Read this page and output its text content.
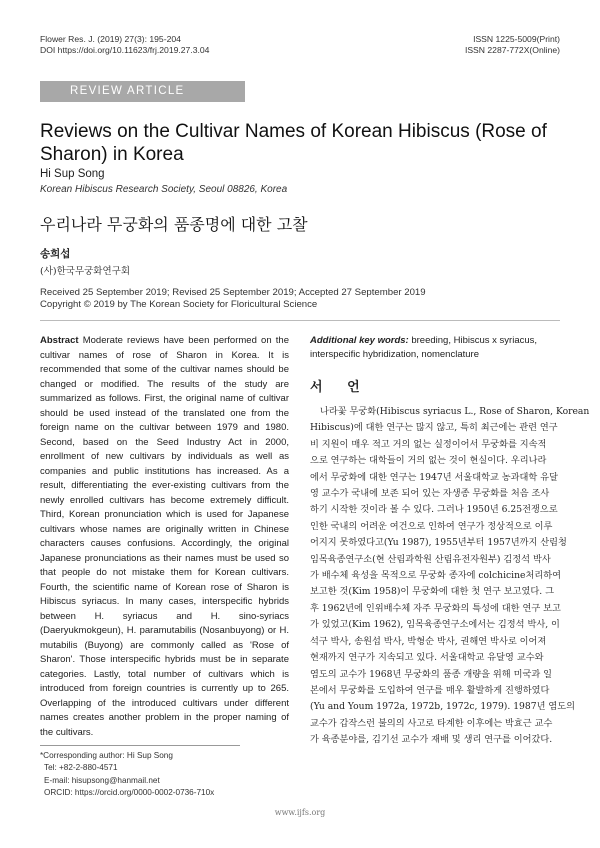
Flower Res. J. (2019) 27(3): 195-204
DOI https://doi.org/10.11623/frj.2019.27.3.04
ISSN 1225-5009(Print)
ISSN 2287-772X(Online)
REVIEW ARTICLE
Reviews on the Cultivar Names of Korean Hibiscus (Rose of Sharon) in Korea
Hi Sup Song
Korean Hibiscus Research Society, Seoul 08826, Korea
우리나라 무궁화의 품종명에 대한 고찰
송희섭
(사)한국무궁화연구회
Received 25 September 2019; Revised 25 September 2019; Accepted 27 September 2019
Copyright © 2019 by The Korean Society for Floricultural Science
Abstract Moderate reviews have been performed on the cultivar names of rose of Sharon in Korea. It is recommended that some of the cultivar names should be changed or modified. The results of the study are summarized as follows. First, the original name of cultivar should be used instead of the translated one from the foreign name on the cultivar between 1979 and 1980. Second, based on the Seed Industry Act in 2000, enrollment of new cultivars by individuals as well as companies and public institutions has increased. As a result, differentiating the ever-existing cultivars from the newly enrolled cultivars has become extremely difficult. Third, Korean pronunciation which is used for Japanese cultivars whose names are originally written in Chinese characters causes confusions. Accordingly, the original Japanese pronunciations as their names must be used so that people do not mistake them for Korean cultivars. Fourth, the scientific name of Korean rose of Sharon is Hibiscus syriacus. In many cases, interspecific hybrids between H. syriacus and H. sino-syriacs (Daeryukmokgeun), H. paramutabilis (Nosanbuyong) or H. mutabilis (Buyong) are commonly called as 'Rose of Sharon'. Those interspecific hybrids must be in separate categories. Lastly, total number of cultivars which is introduced from foreign countries is currently up to 265. Overlapping of the introduced cultivars under different names creates another problem in the proper naming of the cultivars.
*Corresponding author: Hi Sup Song
Tel: +82-2-880-4571
E-mail: hisupsong@hanmail.net
ORCID: https://orcid.org/0000-0002-0736-710x
Additional key words: breeding, Hibiscus x syriacus, interspecific hybridization, nomenclature
서 언
나라꽃 무궁화(Hibiscus syriacus L., Rose of Sharon, Korean
Hibiscus)에 대한 연구는 많지 않고, 특히 최근에는 관련 연구
비 지원이 매우 적고 거의 없는 실정이어서 무궁화를 지속적
으로 연구하는 대학들이 거의 없는 것이 현실이다. 우리나라
에서 무궁화에 대한 연구는 1947년 서울대학교 농과대학 유달
영 교수가 국내에 보존 되어 있는 자생종 무궁화를 처음 조사
하기 시작한 것이라 볼 수 있다. 그러나 1950년 6.25전쟁으로
인한 국내의 어려운 여건으로 인하여 연구가 정상적으로 이루
어지지 못하였다고(Yu 1987), 1955년부터 1957년까지 산림청
임목육종연구소(현 산림과학원 산림유전자원부) 김정석 박사
가 배수체 육성을 목적으로 무궁화 종자에 colchicine처리하여
보고한 것(Kim 1958)이 무궁화에 대한 첫 연구 보고였다. 그
후 1962년에 인위배수체 자주 무궁화의 특성에 대한 연구 보고
가 있었고(Kim 1962), 임목육종연구소에서는 김정석 박사, 이
석구 박사, 송원섭 박사, 박형순 박사, 권해연 박사로 이어져
현재까지 연구가 지속되고 있다. 서울대학교 유달영 교수와
염도의 교수가 1968년 무궁화의 품종 개량을 위해 미국과 일
본에서 무궁화를 도입하여 연구를 매우 활발하게 진행하였다
(Yu and Youm 1972a, 1972b, 1972c, 1979). 1987년 염도의
교수가 갑작스런 불의의 사고로 타계한 이후에는 박효근 교수
가 육종분야를, 김기선 교수가 재배 및 생리 연구를 이어갔다.
www.ijfs.org
